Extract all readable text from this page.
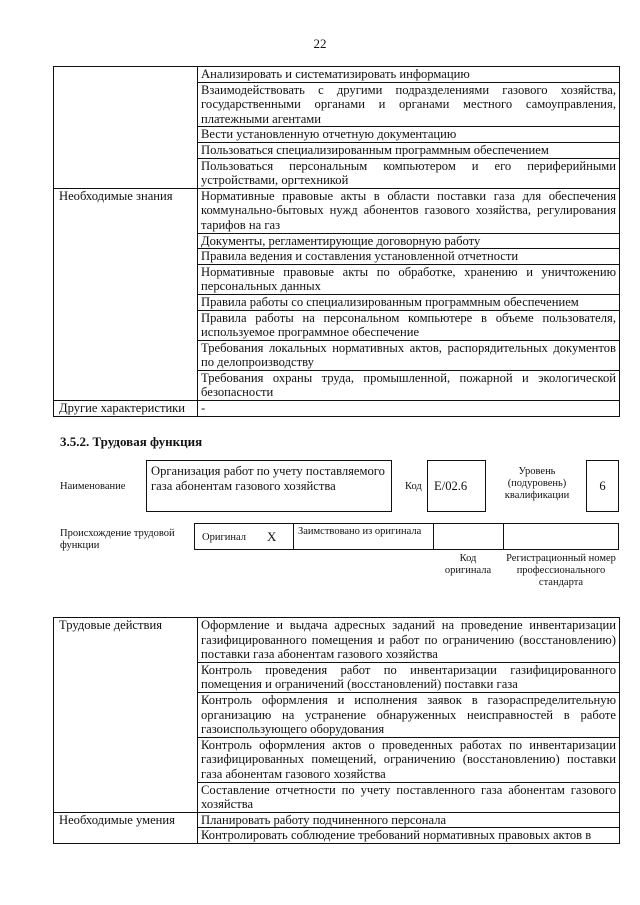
22
	Анализировать и систематизировать информацию
	Взаимодействовать с другими подразделениями газового хозяйства, государственными органами и органами местного самоуправления, платежными агентами
	Вести установленную отчетную документацию
	Пользоваться специализированным программным обеспечением
	Пользоваться персональным компьютером и его периферийными устройствами, оргтехникой
Необходимые знания	Нормативные правовые акты в области поставки газа для обеспечения коммунально-бытовых нужд абонентов газового хозяйства, регулирования тарифов на газ
	Документы, регламентирующие договорную работу
	Правила ведения и составления установленной отчетности
	Нормативные правовые акты по обработке, хранению и уничтожению персональных данных
	Правила работы со специализированным программным обеспечением
	Правила работы на персональном компьютере в объеме пользователя, используемое программное обеспечение
	Требования локальных нормативных актов, распорядительных документов по делопроизводству
	Требования охраны труда, промышленной, пожарной и экологической безопасности
Другие характеристики	-
3.5.2. Трудовая функция
Наименование
Организация работ по учету поставляемого газа абонентам газового хозяйства	Код E/02.6
Уровень (подуровень) квалификации
6
Происхождение трудовой функции
Оригинал X	Заимствовано из оригинала
Код оригинала
Регистрационный номер профессионального стандарта
Трудовые действия	Оформление и выдача адресных заданий на проведение инвентаризации газифицированного помещения и работ по ограничению (восстановлению) поставки газа абонентам газового хозяйства
	Контроль проведения работ по инвентаризации газифицированного помещения и ограничений (восстановлений) поставки газа
	Контроль оформления и исполнения заявок в газораспределительную организацию на устранение обнаруженных неисправностей в работе газоиспользующего оборудования
	Контроль оформления актов о проведенных работах по инвентаризации газифицированных помещений, ограничению (восстановлению) поставки газа абонентам газового хозяйства
	Составление отчетности по учету поставленного газа абонентам газового хозяйства
Необходимые умения	Планировать работу подчиненного персонала
	Контролировать соблюдение требований нормативных правовых актов в
